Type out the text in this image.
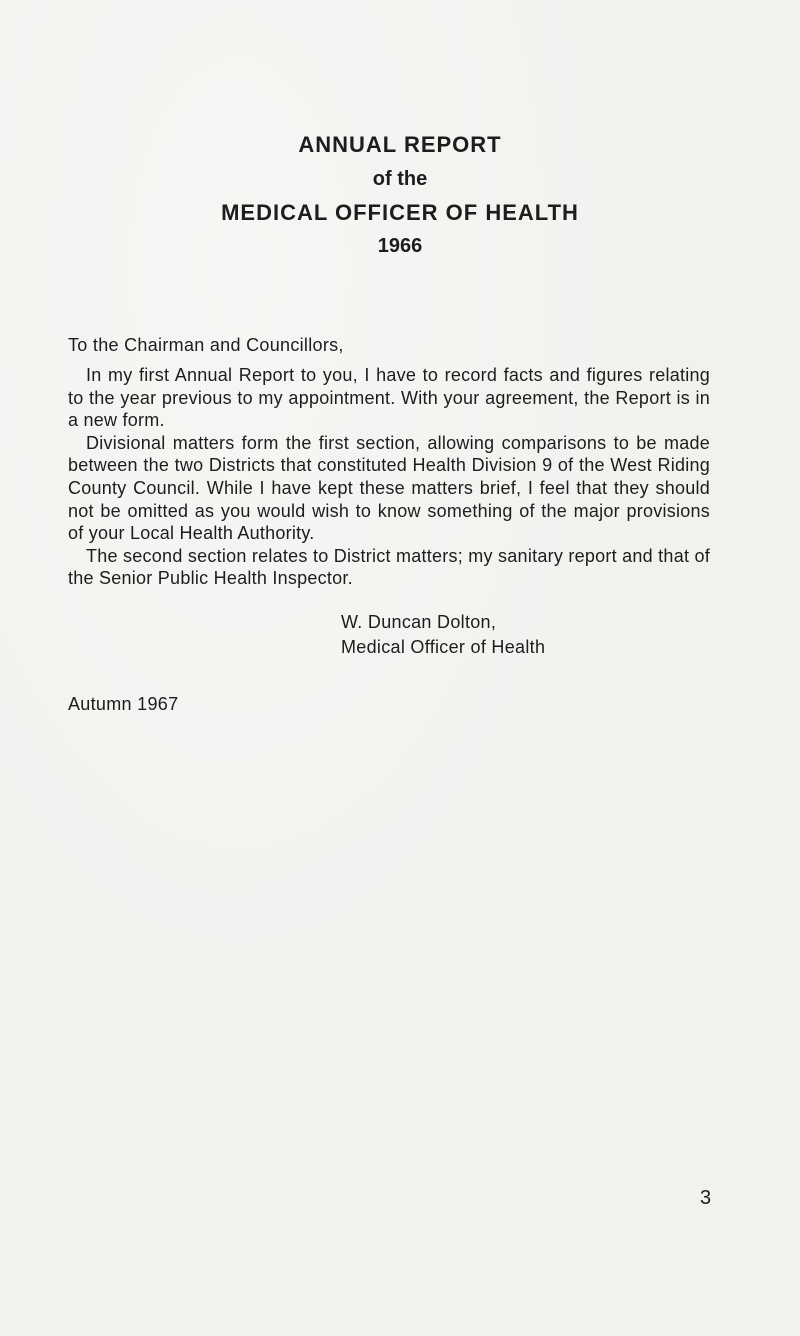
ANNUAL REPORT
of the
MEDICAL OFFICER OF HEALTH
1966
To the Chairman and Councillors,

In my first Annual Report to you, I have to record facts and figures relating to the year previous to my appointment. With your agreement, the Report is in a new form.

Divisional matters form the first section, allowing comparisons to be made between the two Districts that constituted Health Division 9 of the West Riding County Council. While I have kept these matters brief, I feel that they should not be omitted as you would wish to know something of the major provisions of your Local Health Authority.

The second section relates to District matters; my sanitary report and that of the Senior Public Health Inspector.

W. Duncan Dolton,
Medical Officer of Health
Autumn 1967
3
